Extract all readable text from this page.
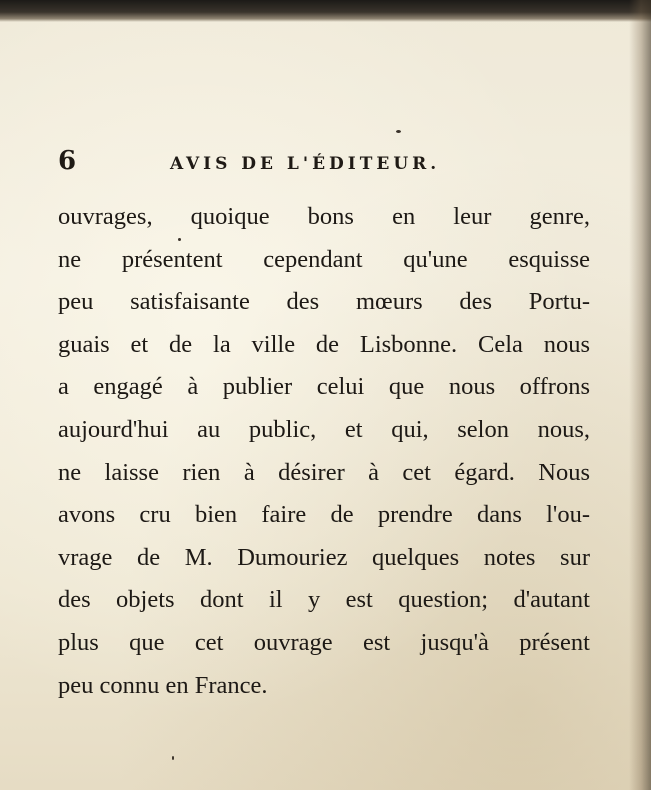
6	AVIS DE L'ÉDITEUR.
ouvrages, quoique bons en leur genre,
ne présentent cependant qu'une esquisse
peu satisfaisante des mœurs des Portu-
guais et de la ville de Lisbonne. Cela nous
a engagé à publier celui que nous offrons
aujourd'hui au public, et qui, selon nous,
ne laisse rien à désirer à cet égard. Nous
avons cru bien faire de prendre dans l'ou-
vrage de M. Dumouriez quelques notes sur
des objets dont il y est question; d'autant
plus que cet ouvrage est jusqu'à présent
peu connu en France.
